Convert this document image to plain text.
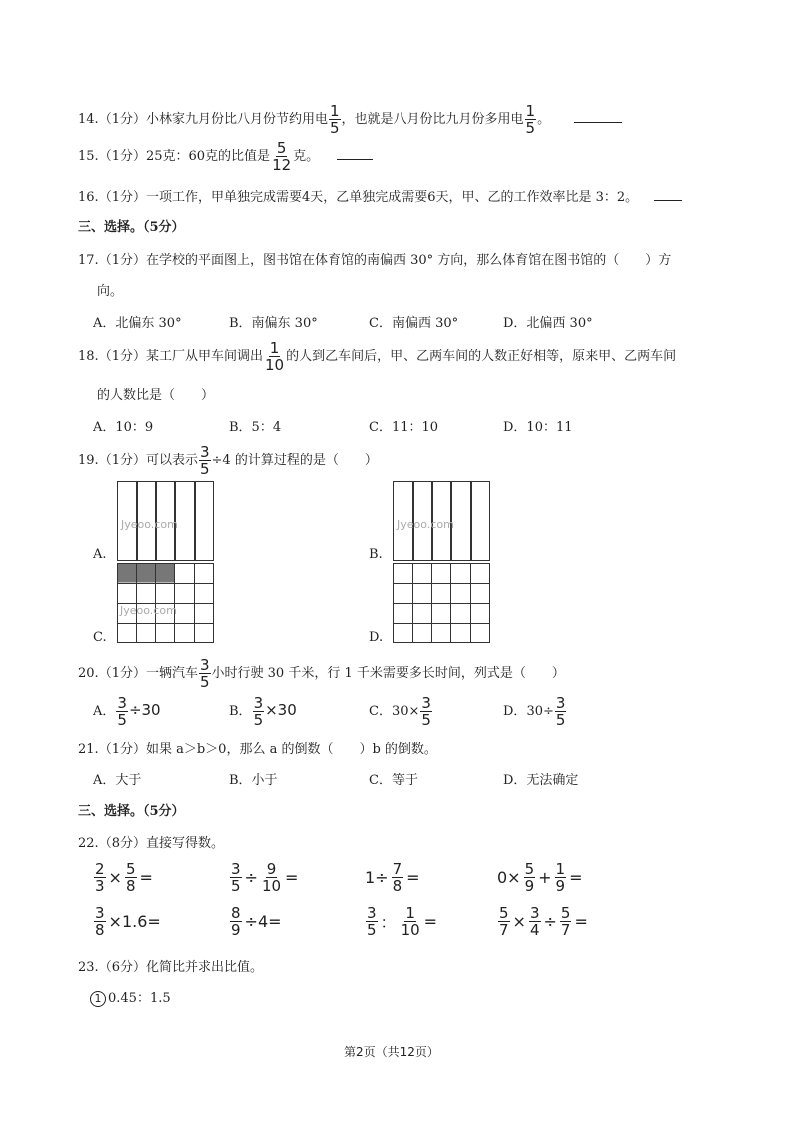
14.（1分）小林家九月份比八月份节约用电 $\frac{1}{5}$ ，也就是八月份比九月份多用电 $\frac{1}{5}$ 。
15.（1分）25克：60克的比值是 $\frac{5}{12}$ 克。
16.（1分）一项工作，甲单独完成需要4天，乙单独完成需要6天，甲、乙的工作效率比是 3：2。
三、选择。（5分）
17.（1分）在学校的平面图上，图书馆在体育馆的南偏西 30° 方向，那么体育馆在图书馆的（　　）方
向。
A．北偏东 30°	B．南偏东 30°	C．南偏西 30°	D．北偏西 30°
18.（1分）某工厂从甲车间调出 $\frac{1}{10}$ 的人到乙车间后，甲、乙两车间的人数正好相等，原来甲、乙两车间
的人数比是（　　）
A．10：9	B．5：4	C．11：10	D．10：11
19.（1分）可以表示 $\frac{3}{5} \div 4$ 的计算过程的是（　　）
A.
Jyeoo.com
B.
Jyeoo.com
C.
Jyeoo.com
D.
20.（1分）一辆汽车 $\frac{3}{5}$ 小时行驶 30 千米，行 1 千米需要多长时间，列式是（　　）
A． $\frac{3}{5} \div 30$	B． $\frac{3}{5} \times 30$	C．$30\times \frac{3}{5}$	D．$30\div \frac{3}{5}$
21.（1分）如果 a＞b＞0，那么 a 的倒数（　　）b 的倒数。
A．大于	B．小于	C．等于	D．无法确定
三、选择。（5分）
22.（8分）直接写得数。
$\frac{2}{3} \times \frac{5}{8}$ =	$\frac{3}{5} \div \frac{9}{10}$ =	$1\div \frac{7}{8}$ =	$0\times \frac{5}{9} + \frac{1}{9}$ =
$\frac{3}{8} \times 1.6=$	$\frac{8}{9} \div 4=$	$\frac{3}{5}$ ： $\frac{1}{10}$ =	$\frac{5}{7} \times \frac{3}{4} \div \frac{5}{7}$ =
23.（6分）化简比并求出比值。
1 0.45：1.5
第2页（共12页）
